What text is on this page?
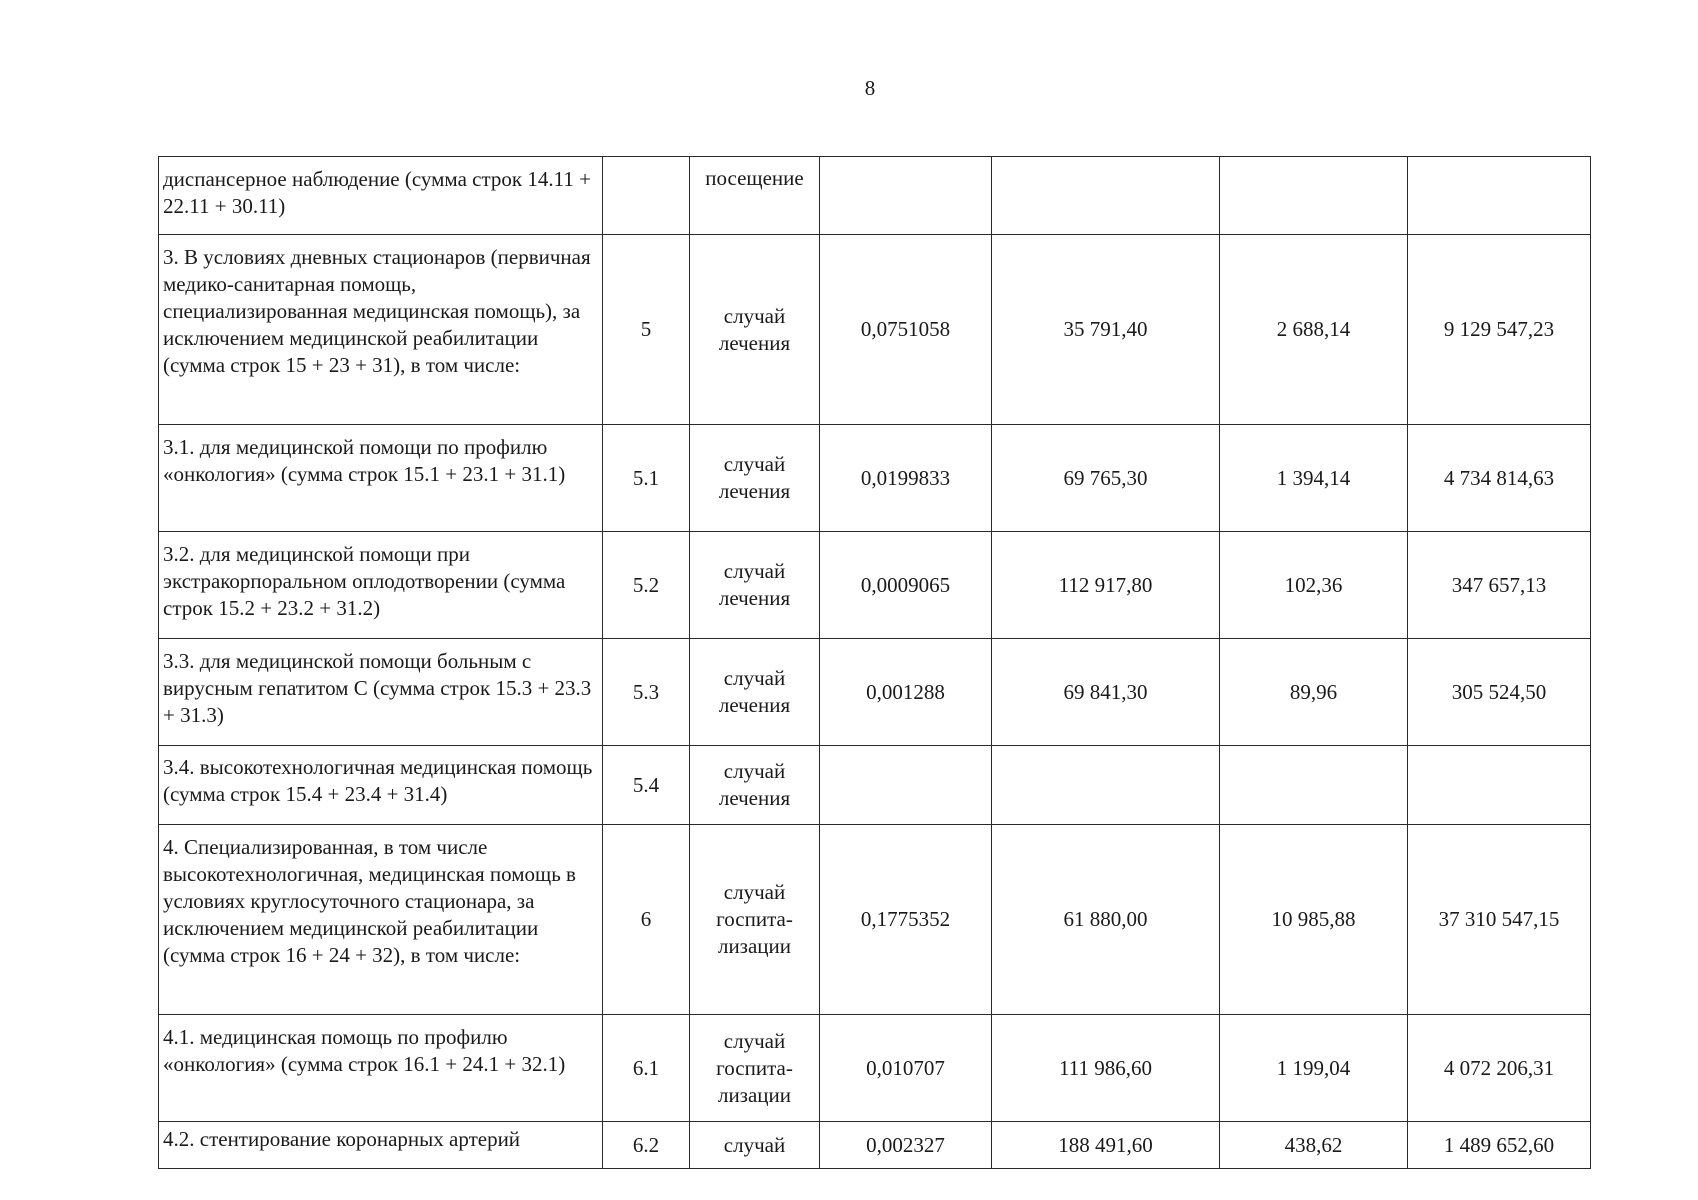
8
диспансерное наблюдение (сумма строк 14.11 + 22.11 + 30.11)		посещение				
3. В условиях дневных стационаров (первичная медико-санитарная помощь, специализированная медицинская помощь), за исключением медицинской реабилитации (сумма строк 15 + 23 + 31), в том числе:	5	случай лечения	0,0751058	35 791,40	2 688,14	9 129 547,23
3.1. для медицинской помощи по профилю «онкология» (сумма строк 15.1 + 23.1 + 31.1)	5.1	случай лечения	0,0199833	69 765,30	1 394,14	4 734 814,63
3.2. для медицинской помощи при экстракорпоральном оплодотворении (сумма строк 15.2 + 23.2 + 31.2)	5.2	случай лечения	0,0009065	112 917,80	102,36	347 657,13
3.3. для медицинской помощи больным с вирусным гепатитом С (сумма строк 15.3 + 23.3 + 31.3)	5.3	случай лечения	0,001288	69 841,30	89,96	305 524,50
3.4. высокотехнологичная медицинская помощь (сумма строк 15.4 + 23.4 + 31.4)	5.4	случай лечения				
4. Специализированная, в том числе высокотехнологичная, медицинская помощь в условиях круглосуточного стационара, за исключением медицинской реабилитации (сумма строк 16 + 24 + 32), в том числе:	6	случай госпита-лизации	0,1775352	61 880,00	10 985,88	37 310 547,15
4.1. медицинская помощь по профилю «онкология» (сумма строк 16.1 + 24.1 + 32.1)	6.1	случай госпита-лизации	0,010707	111 986,60	1 199,04	4 072 206,31
4.2. стентирование коронарных артерий	6.2	случай	0,002327	188 491,60	438,62	1 489 652,60
